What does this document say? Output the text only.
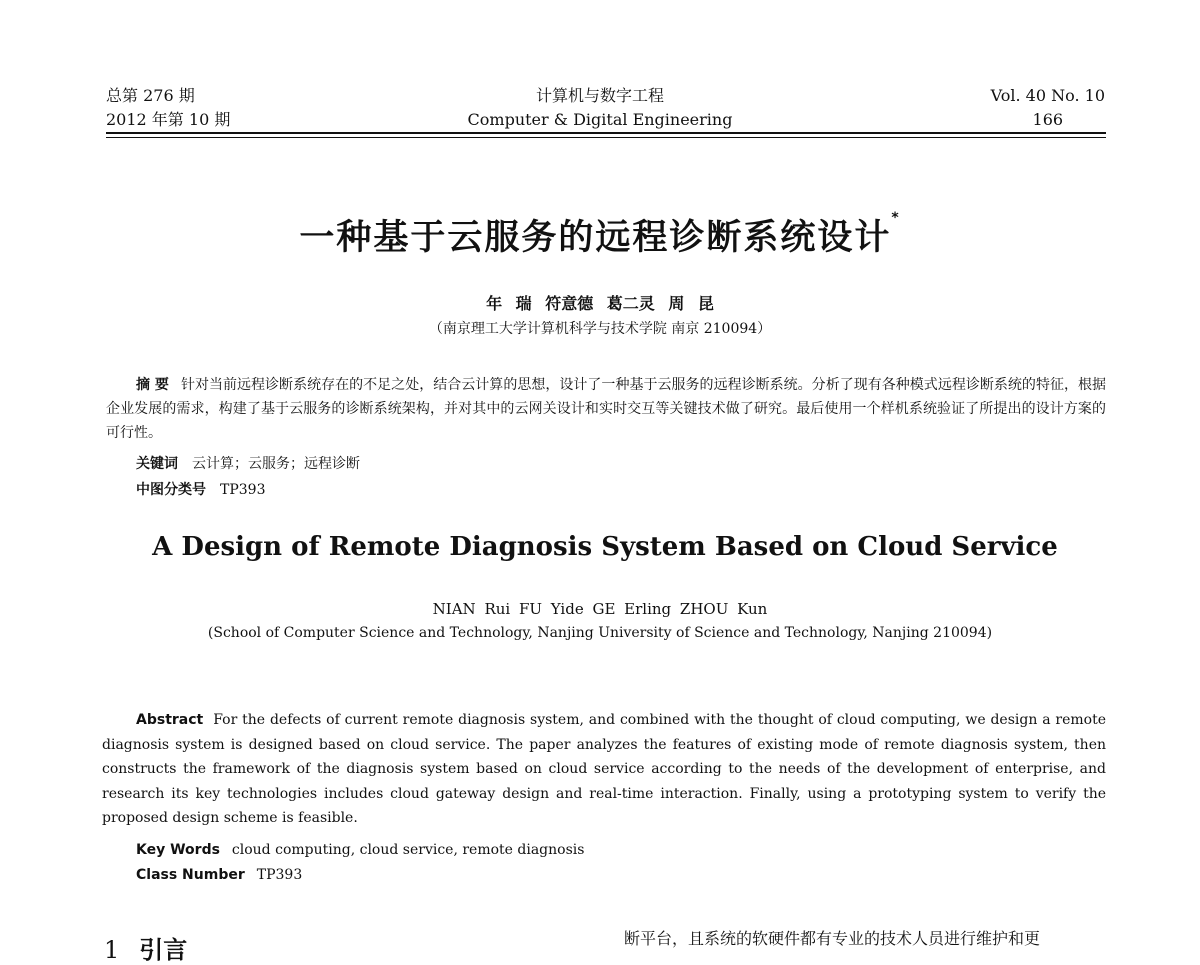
总第 276 期
2012 年第 10 期
计算机与数字工程
Computer & Digital Engineering
Vol. 40 No. 10
166
一种基于云服务的远程诊断系统设计*
年 瑞 符意德 葛二灵 周 昆
（南京理工大学计算机科学与技术学院 南京 210094）
摘 要 针对当前远程诊断系统存在的不足之处，结合云计算的思想，设计了一种基于云服务的远程诊断系统。分析了现有各种模式远程诊断系统的特征，根据企业发展的需求，构建了基于云服务的诊断系统架构，并对其中的云网关设计和实时交互等关键技术做了研究。最后使用一个样机系统验证了所提出的设计方案的可行性。
关键词 云计算；云服务；远程诊断
中图分类号 TP393
A Design of Remote Diagnosis System Based on Cloud Service
NIAN Rui FU Yide GE Erling ZHOU Kun
(School of Computer Science and Technology, Nanjing University of Science and Technology, Nanjing 210094)
Abstract For the defects of current remote diagnosis system, and combined with the thought of cloud computing, we design a remote diagnosis system is designed based on cloud service. The paper analyzes the features of existing mode of remote diagnosis system, then constructs the framework of the diagnosis system based on cloud service according to the needs of the development of enterprise, and research its key technologies includes cloud gateway design and real-time interaction. Finally, using a prototyping system to verify the proposed design scheme is feasible.
Key Words cloud computing, cloud service, remote diagnosis
Class Number TP393
1 引言	断平台，且系统的软硬件都有专业的技术人员进行维护和更
